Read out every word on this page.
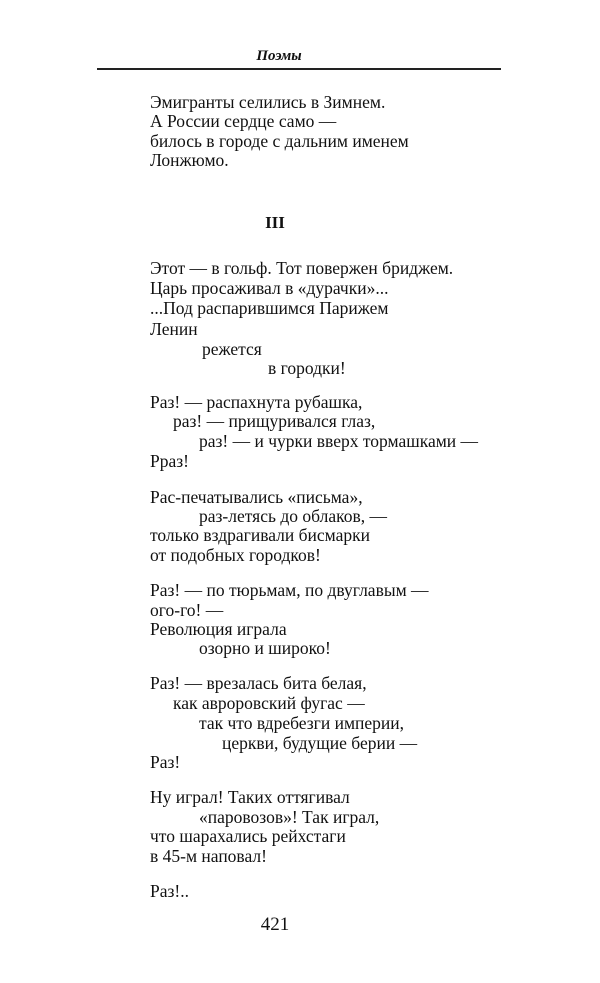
Поэмы
Эмигранты селились в Зимнем.
А России сердце само —
билось в городе с дальним именем
Лонжюмо.
III
Этот — в гольф. Тот повержен бриджем.
Царь просаживал в «дурачки»...
...Под распарившимся Парижем
Ленин
режется
в городки!
Раз! — распахнута рубашка,
раз! — прищуривался глаз,
раз! — и чурки вверх тормашками —
Рраз!
Рас-печатывались «письма»,
раз-летясь до облаков, —
только вздрагивали бисмарки
от подобных городков!
Раз! — по тюрьмам, по двуглавым —
ого-го! —
Революция играла
озорно и широко!
Раз! — врезалась бита белая,
как авроровский фугас —
так что вдребезги империи,
церкви, будущие берии —
Раз!
Ну играл! Таких оттягивал
«паровозов»! Так играл,
что шарахались рейхстаги
в 45-м наповал!
Раз!..
421
